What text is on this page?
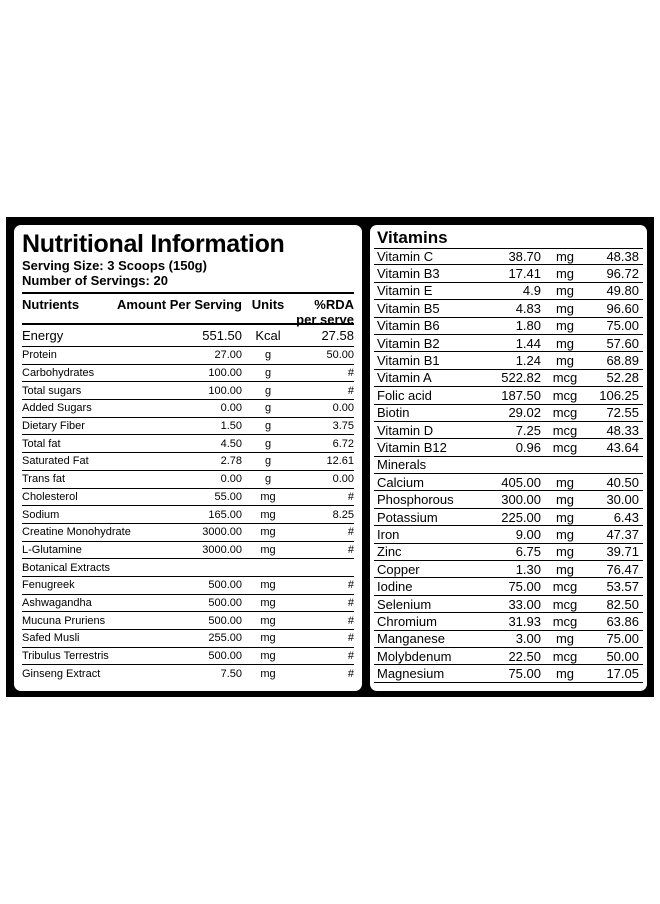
Nutritional Information
Serving Size: 3 Scoops (150g)
Number of Servings: 20
Nutrients	Amount Per Serving Units	%RDA per serve
Energy	551.50	Kcal	27.58
Protein	27.00	g	50.00
Carbohydrates	100.00	g	#
Total sugars	100.00	g	#
Added Sugars	0.00	g	0.00
Dietary Fiber	1.50	g	3.75
Total fat	4.50	g	6.72
Saturated Fat	2.78	g	12.61
Trans fat	0.00	g	0.00
Cholesterol	55.00	mg	#
Sodium	165.00	mg	8.25
Creatine Monohydrate	3000.00	mg	#
L-Glutamine	3000.00	mg	#
Botanical Extracts
Fenugreek	500.00	mg	#
Ashwagandha	500.00	mg	#
Mucuna Pruriens	500.00	mg	#
Safed Musli	255.00	mg	#
Tribulus Terrestris	500.00	mg	#
Ginseng Extract	7.50	mg	#
Vitamins
Vitamin C	38.70	mg	48.38
Vitamin B3	17.41	mg	96.72
Vitamin E	4.9	mg	49.80
Vitamin B5	4.83	mg	96.60
Vitamin B6	1.80	mg	75.00
Vitamin B2	1.44	mg	57.60
Vitamin B1	1.24	mg	68.89
Vitamin A	522.82 mcg	52.28
Folic acid	187.50 mcg	106.25
Biotin	29.02 mcg	72.55
Vitamin D	7.25 mcg	48.33
Vitamin B12	0.96 mcg	43.64
Minerals
Calcium	405.00	mg	40.50
Phosphorous	300.00	mg	30.00
Potassium	225.00	mg	6.43
Iron	9.00	mg	47.37
Zinc	6.75	mg	39.71
Copper	1.30	mg	76.47
Iodine	75.00 mcg	53.57
Selenium	33.00 mcg	82.50
Chromium	31.93 mcg	63.86
Manganese	3.00	mg	75.00
Molybdenum	22.50 mcg	50.00
Magnesium	75.00	mg	17.05
